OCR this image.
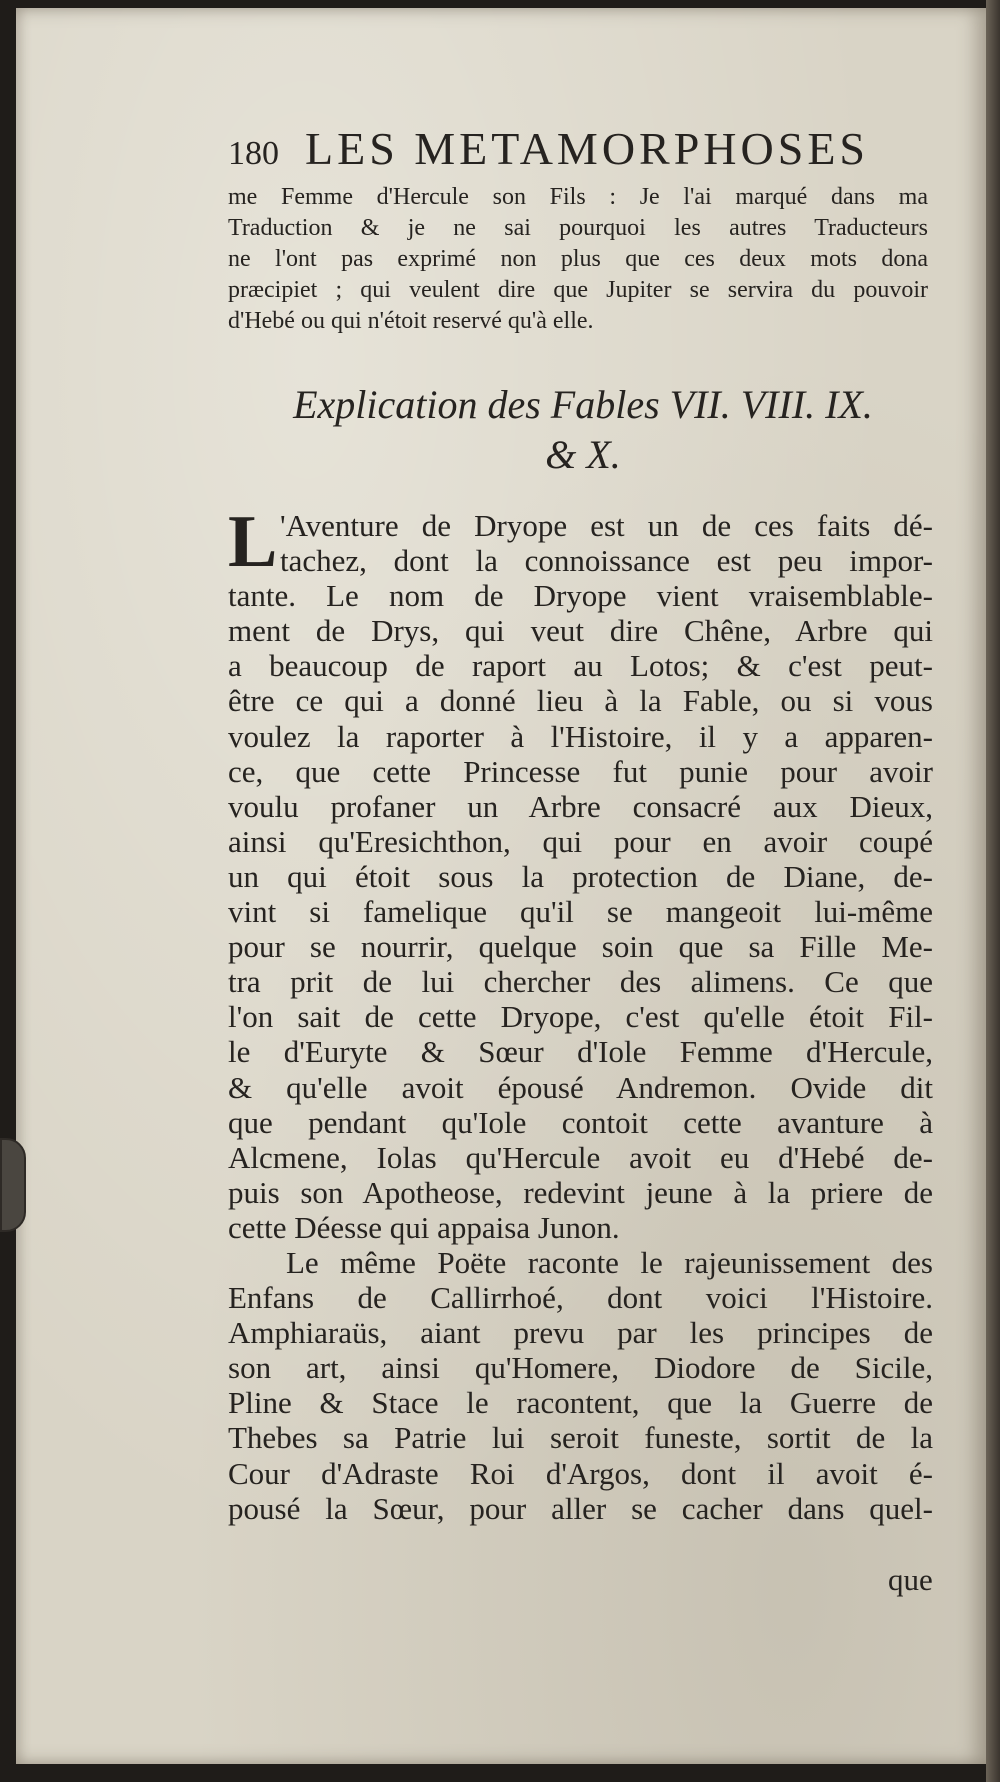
180 LES METAMORPHOSES
me Femme d'Hercule son Fils : Je l'ai marqué dans ma
Traduction & je ne sai pourquoi les autres Traducteurs
ne l'ont pas exprimé non plus que ces deux mots dona
præcipiet ; qui veulent dire que Jupiter se servira du pouvoir
d'Hebé ou qui n'étoit reservé qu'à elle.
Explication des Fables VII. VIII. IX.
& X.
L 'Aventure de Dryope est un de ces faits dé-
tachez, dont la connoissance est peu impor-
tante. Le nom de Dryope vient vraisemblable-
ment de Drys, qui veut dire Chêne, Arbre qui
a beaucoup de raport au Lotos; & c'est peut-
être ce qui a donné lieu à la Fable, ou si vous
voulez la raporter à l'Histoire, il y a apparen-
ce, que cette Princesse fut punie pour avoir
voulu profaner un Arbre consacré aux Dieux,
ainsi qu'Eresichthon, qui pour en avoir coupé
un qui étoit sous la protection de Diane, de-
vint si famelique qu'il se mangeoit lui-même
pour se nourrir, quelque soin que sa Fille Me-
tra prit de lui chercher des alimens. Ce que
l'on sait de cette Dryope, c'est qu'elle étoit Fil-
le d'Euryte & Sœur d'Iole Femme d'Hercule,
& qu'elle avoit épousé Andremon. Ovide dit
que pendant qu'Iole contoit cette avanture à
Alcmene, Iolas qu'Hercule avoit eu d'Hebé de-
puis son Apotheose, redevint jeune à la priere de
cette Déesse qui appaisa Junon.
Le même Poëte raconte le rajeunissement des
Enfans de Callirrhoé, dont voici l'Histoire.
Amphiaraüs, aiant prevu par les principes de
son art, ainsi qu'Homere, Diodore de Sicile,
Pline & Stace le racontent, que la Guerre de
Thebes sa Patrie lui seroit funeste, sortit de la
Cour d'Adraste Roi d'Argos, dont il avoit é-
pousé la Sœur, pour aller se cacher dans quel-
que
